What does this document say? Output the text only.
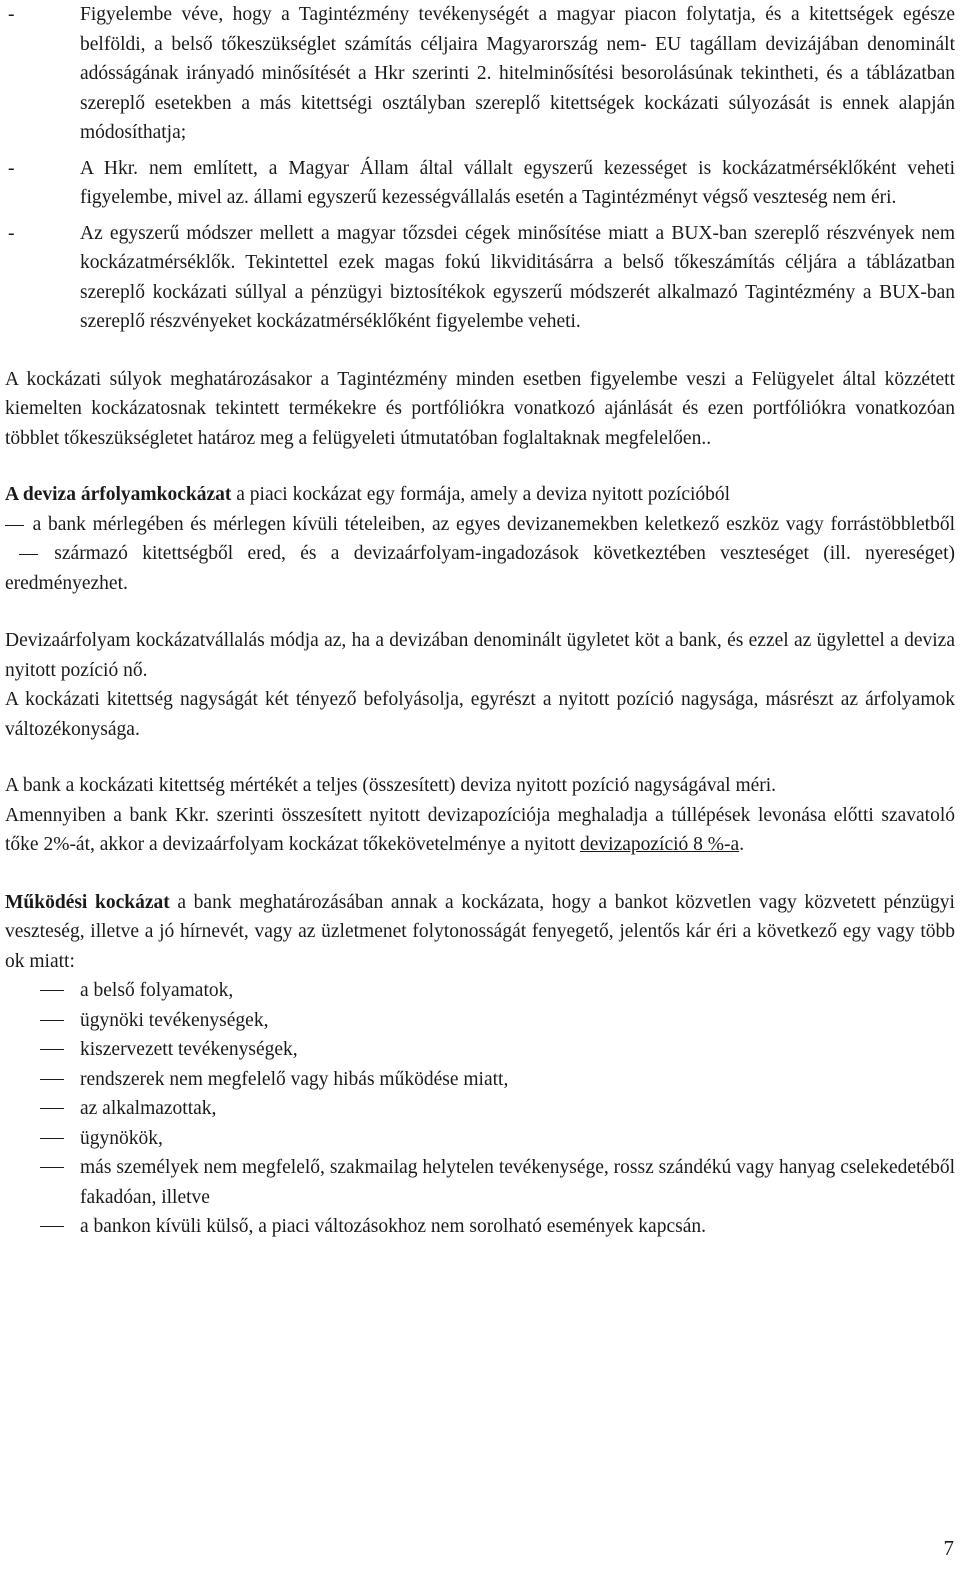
-	Figyelembe véve, hogy a Tagintézmény tevékenységét a magyar piacon folytatja, és a kitettségek egésze belföldi, a belső tőkeszükséglet számítás céljaira Magyarország nem- EU tagállam devizájában denominált adósságának irányadó minősítését a Hkr szerinti 2. hitelminősítési besorolásúnak tekintheti, és a táblázatban szereplő esetekben a más kitettségi osztályban szereplő kitettségek kockázati súlyozását is ennek alapján módosíthatja;
-	A Hkr. nem említett, a Magyar Állam által vállalt egyszerű kezességet is kockázatmérséklőként veheti figyelembe, mivel az. állami egyszerű kezességvállalás esetén a Tagintézményt végső veszteség nem éri.
-	Az egyszerű módszer mellett a magyar tőzsdei cégek minősítése miatt a BUX-ban szereplő részvények nem kockázatmérséklők. Tekintettel ezek magas fokú likviditásárra a belső tőkeszámítás céljára a táblázatban szereplő kockázati súllyal a pénzügyi biztosítékok egyszerű módszerét alkalmazó Tagintézmény a BUX-ban szereplő részvényeket kockázatmérséklőként figyelembe veheti.

A kockázati súlyok meghatározásakor a Tagintézmény minden esetben figyelembe veszi a Felügyelet által közzétett kiemelten kockázatosnak tekintett termékekre és portfóliókra vonatkozó ajánlását és ezen portfóliókra vonatkozóan többlet tőkeszükségletet határoz meg a felügyeleti útmutatóban foglaltaknak megfelelően..

A deviza árfolyamkockázat a piaci kockázat egy formája, amely a deviza nyitott pozícióból
a bank mérlegében és mérlegen kívüli tételeiben, az egyes devizanemekben keletkező eszköz vagy forrástöbbletből származó kitettségből ered, és a devizaárfolyam-ingadozások következtében veszteséget (ill. nyereséget) eredményezhet.

Devizaárfolyam kockázatvállalás módja az, ha a devizában denominált ügyletet köt a bank, és ezzel az ügylettel a deviza nyitott pozíció nő.

A kockázati kitettség nagyságát két tényező befolyásolja, egyrészt a nyitott pozíció nagysága, másrészt az árfolyamok változékonysága.

A bank a kockázati kitettség mértékét a teljes (összesített) deviza nyitott pozíció nagyságával méri.

Amennyiben a bank Kkr. szerinti összesített nyitott devizapozíciója meghaladja a túllépések levonása előtti szavatoló tőke 2%-át, akkor a devizaárfolyam kockázat tőkekövetelménye a nyitott devizapozíció 8 %-a.

Működési kockázat a bank meghatározásában annak a kockázata, hogy a bankot közvetlen vagy közvetett pénzügyi veszteség, illetve a jó hírnevét, vagy az üzletmenet folytonosságát fenyegető, jelentős kár éri a következő egy vagy több ok miatt:

a belső folyamatok,
ügynöki tevékenységek,
kiszervezett tevékenységek,
rendszerek nem megfelelő vagy hibás működése miatt,
az alkalmazottak,
ügynökök,
más személyek nem megfelelő, szakmailag helytelen tevékenysége, rossz szándékú vagy hanyag cselekedetéből fakadóan, illetve
a bankon kívüli külső, a piaci változásokhoz nem sorolható események kapcsán.
7
